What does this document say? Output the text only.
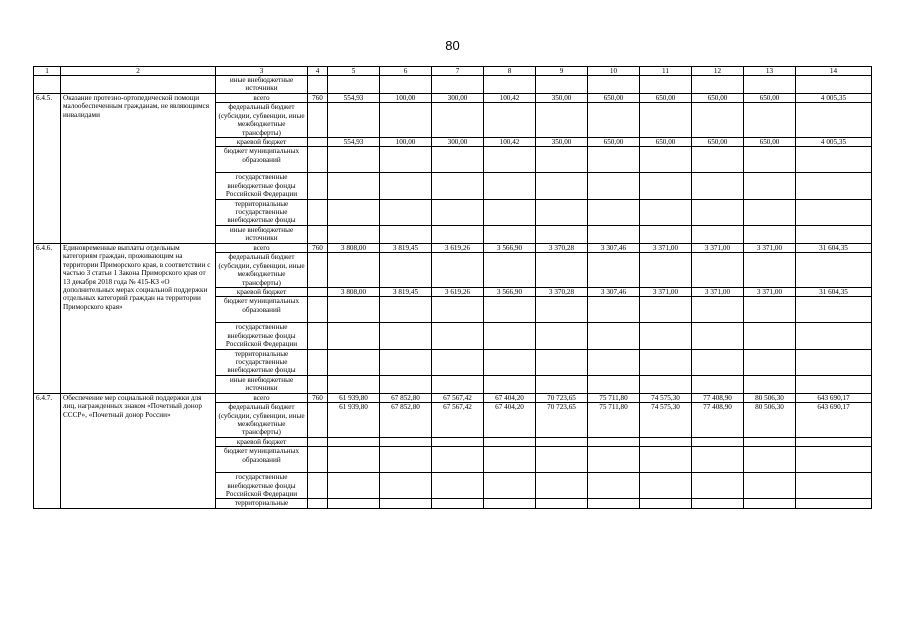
80
1	2	3	4	5	6	7	8	9	10	11	12	13	14
		иные внебюджетные источники											
6.4.5.	Оказание протезно-ортопедической помощи малообеспеченным гражданам, не являющимся инвалидами	всего	760	554,93	100,00	300,00	100,42	350,00	650,00	650,00	650,00	650,00	4 005,35
		федеральный бюджет (субсидии, субвенции, иные межбюджетные трансферты)											
		краевой бюджет		554,93	100,00	300,00	100,42	350,00	650,00	650,00	650,00	650,00	4 005,35
		бюджет муниципальных образований											
		государственные внебюджетные фонды Российской Федерации											
		территориальные государственные внебюджетные фонды											
		иные внебюджетные источники											
6.4.6.	Единовременные выплаты отдельным категориям граждан, проживающим на территории Приморского края, в соответствии с частью 3 статьи 1 Закона Приморского края от 13 декабря 2018 года № 415-КЗ «О дополнительных мерах социальной поддержки отдельных категорий граждан на территории Приморского края»	всего	760	3 808,00	3 819,45	3 619,26	3 566,90	3 370,28	3 307,46	3 371,00	3 371,00	3 371,00	31 604,35
		федеральный бюджет (субсидии, субвенции, иные межбюджетные трансферты)											
		краевой бюджет		3 808,00	3 819,45	3 619,26	3 566,90	3 370,28	3 307,46	3 371,00	3 371,00	3 371,00	31 604,35
		бюджет муниципальных образований											
		государственные внебюджетные фонды Российской Федерации											
		территориальные государственные внебюджетные фонды											
		иные внебюджетные источники											
6.4.7.	Обеспечение мер социальной поддержки для лиц, награжденных знаком «Почетный донор СССР», «Почетный донор России»	всего	760	61 939,80	67 852,80	67 567,42	67 404,20	70 723,65	75 711,80	74 575,30	77 408,90	80 506,30	643 690,17
		федеральный бюджет (субсидии, субвенции, иные межбюджетные трансферты)		61 939,80	67 852,80	67 567,42	67 404,20	70 723,65	75 711,80	74 575,30	77 408,90	80 506,30	643 690,17
		краевой бюджет											
		бюджет муниципальных образований											
		государственные внебюджетные фонды Российской Федерации											
		территориальные											
